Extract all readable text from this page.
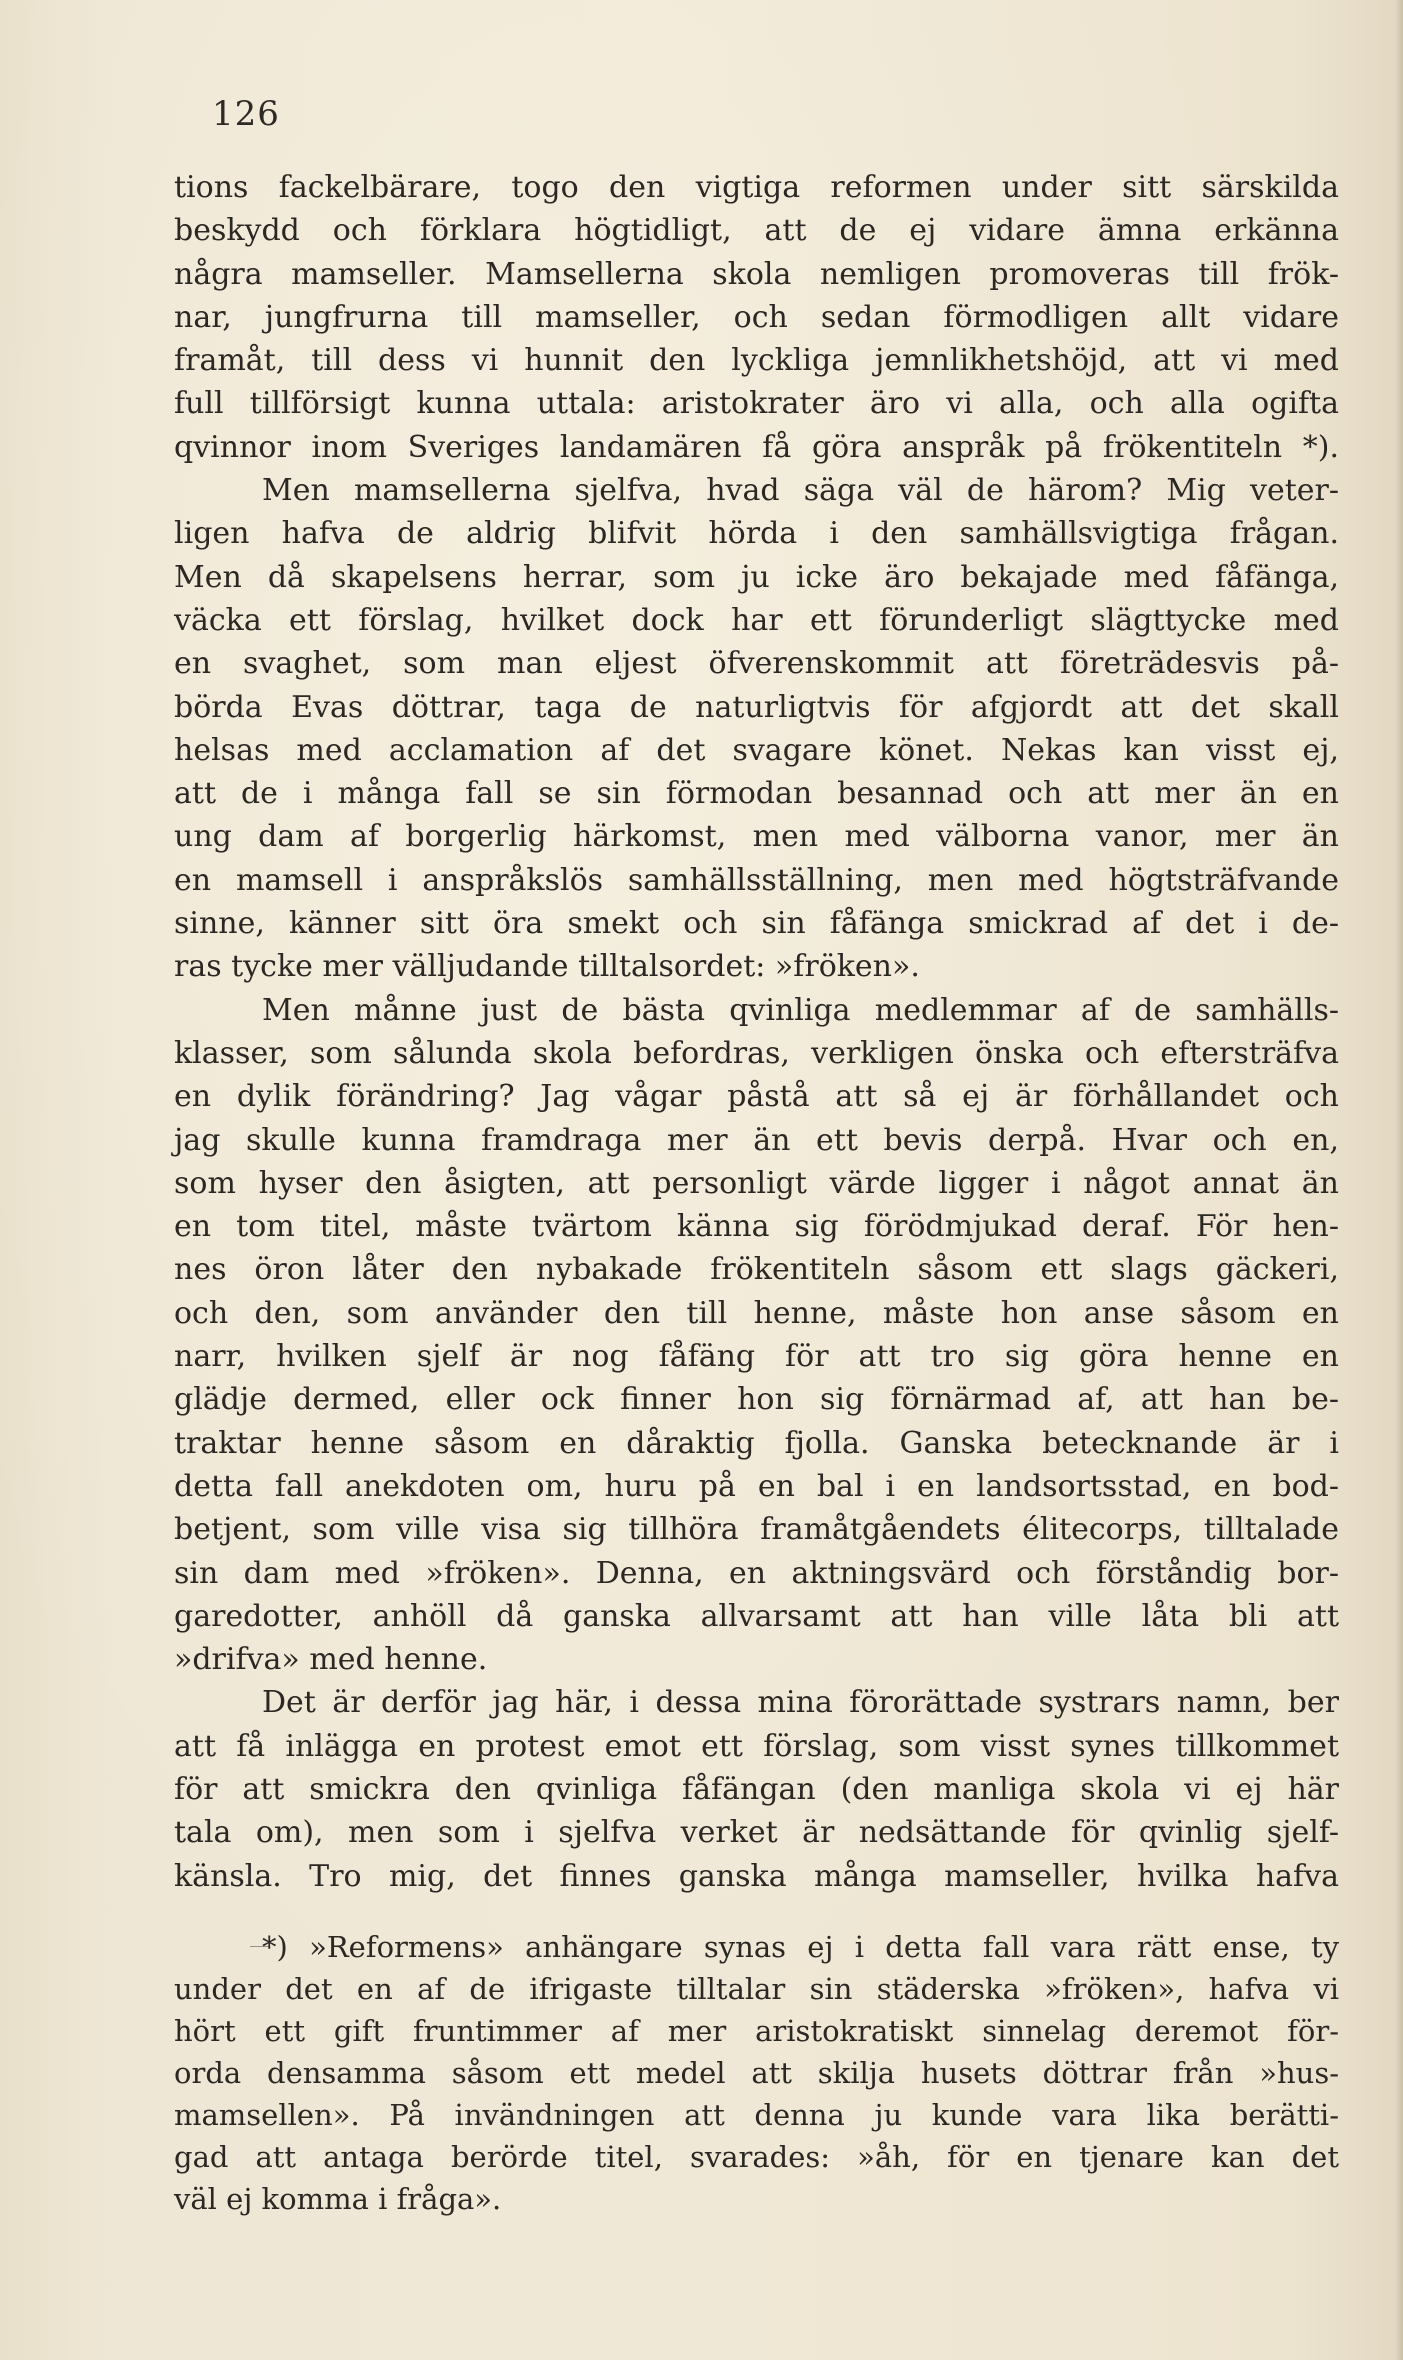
126
tions fackelbärare, togo den vigtiga reformen under sitt särskilda
beskydd och förklara högtidligt, att de ej vidare ämna erkänna
några mamseller. Mamsellerna skola nemligen promoveras till frök-
nar, jungfrurna till mamseller, och sedan förmodligen allt vidare
framåt, till dess vi hunnit den lyckliga jemnlikhetshöjd, att vi med
full tillförsigt kunna uttala: aristokrater äro vi alla, och alla ogifta
qvinnor inom Sveriges landamären få göra anspråk på frökentiteln *).
Men mamsellerna sjelfva, hvad säga väl de härom? Mig veter-
ligen hafva de aldrig blifvit hörda i den samhällsvigtiga frågan.
Men då skapelsens herrar, som ju icke äro bekajade med fåfänga,
väcka ett förslag, hvilket dock har ett förunderligt slägttycke med
en svaghet, som man eljest öfverenskommit att företrädesvis på-
börda Evas döttrar, taga de naturligtvis för afgjordt att det skall
helsas med acclamation af det svagare könet. Nekas kan visst ej,
att de i många fall se sin förmodan besannad och att mer än en
ung dam af borgerlig härkomst, men med välborna vanor, mer än
en mamsell i anspråkslös samhällsställning, men med högtsträfvande
sinne, känner sitt öra smekt och sin fåfänga smickrad af det i de-
ras tycke mer välljudande tilltalsordet: »fröken».
Men månne just de bästa qvinliga medlemmar af de samhälls-
klasser, som sålunda skola befordras, verkligen önska och eftersträfva
en dylik förändring? Jag vågar påstå att så ej är förhållandet och
jag skulle kunna framdraga mer än ett bevis derpå. Hvar och en,
som hyser den åsigten, att personligt värde ligger i något annat än
en tom titel, måste tvärtom känna sig förödmjukad deraf. För hen-
nes öron låter den nybakade frökentiteln såsom ett slags gäckeri,
och den, som använder den till henne, måste hon anse såsom en
narr, hvilken sjelf är nog fåfäng för att tro sig göra henne en
glädje dermed, eller ock finner hon sig förnärmad af, att han be-
traktar henne såsom en dåraktig fjolla. Ganska betecknande är i
detta fall anekdoten om, huru på en bal i en landsortsstad, en bod-
betjent, som ville visa sig tillhöra framåtgåendets élitecorps, tilltalade
sin dam med »fröken». Denna, en aktningsvärd och förståndig bor-
garedotter, anhöll då ganska allvarsamt att han ville låta bli att
»drifva» med henne.
Det är derför jag här, i dessa mina förorättade systrars namn, ber
att få inlägga en protest emot ett förslag, som visst synes tillkommet
för att smickra den qvinliga fåfängan (den manliga skola vi ej här
tala om), men som i sjelfva verket är nedsättande för qvinlig sjelf-
känsla. Tro mig, det finnes ganska många mamseller, hvilka hafva
*) »Reformens» anhängare synas ej i detta fall vara rätt ense, ty
under det en af de ifrigaste tilltalar sin städerska »fröken», hafva vi
hört ett gift fruntimmer af mer aristokratiskt sinnelag deremot för-
orda densamma såsom ett medel att skilja husets döttrar från »hus-
mamsellen». På invändningen att denna ju kunde vara lika berätti-
gad att antaga berörde titel, svarades: »åh, för en tjenare kan det
väl ej komma i fråga».
